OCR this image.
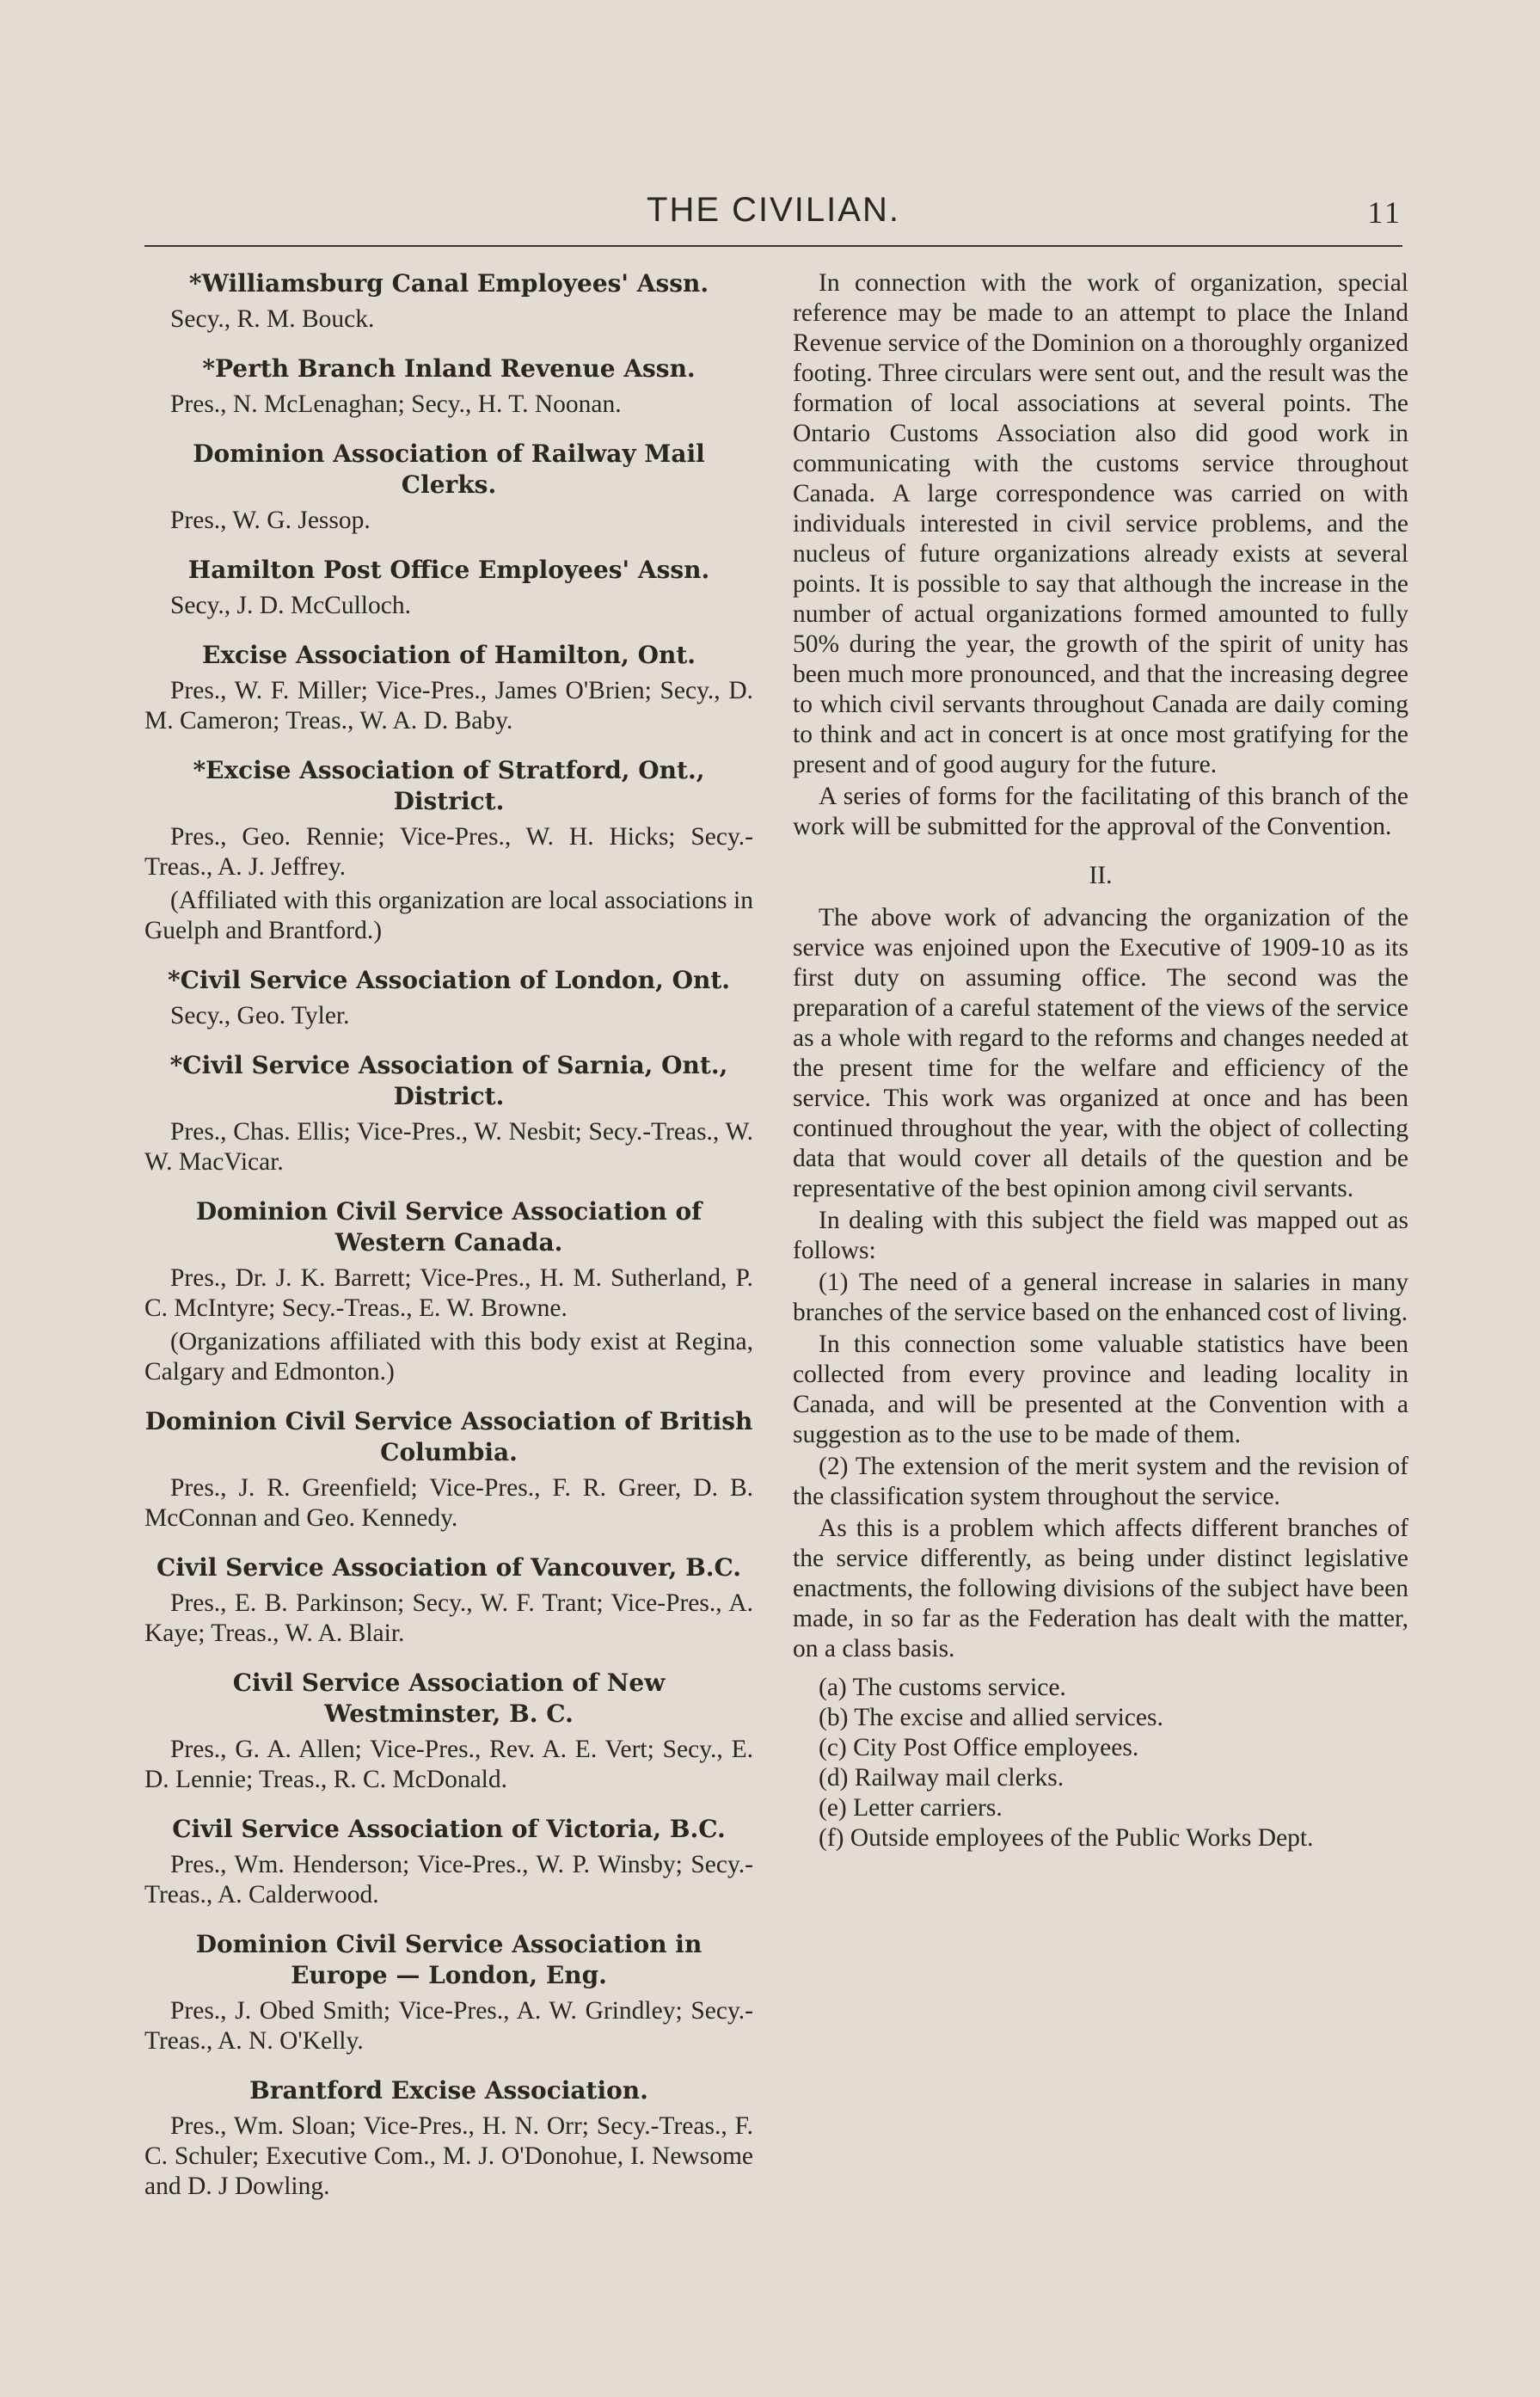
THE CIVILIAN.	11
*Williamsburg Canal Employees' Assn.

Secy., R. M. Bouck.

*Perth Branch Inland Revenue Assn.

Pres., N. McLenaghan; Secy., H. T. Noonan.

Dominion Association of Railway Mail Clerks.

Pres., W. G. Jessop.

Hamilton Post Office Employees' Assn.

Secy., J. D. McCulloch.

Excise Association of Hamilton, Ont.

Pres., W. F. Miller; Vice-Pres., James O'Brien; Secy., D. M. Cameron; Treas., W. A. D. Baby.

*Excise Association of Stratford, Ont., District.

Pres., Geo. Rennie; Vice-Pres., W. H. Hicks; Secy.-Treas., A. J. Jeffrey.

(Affiliated with this organization are local associations in Guelph and Brantford.)

*Civil Service Association of London, Ont.

Secy., Geo. Tyler.

*Civil Service Association of Sarnia, Ont., District.

Pres., Chas. Ellis; Vice-Pres., W. Nesbit; Secy.-Treas., W. W. MacVicar.

Dominion Civil Service Association of Western Canada.

Pres., Dr. J. K. Barrett; Vice-Pres., H. M. Sutherland, P. C. McIntyre; Secy.-Treas., E. W. Browne.

(Organizations affiliated with this body exist at Regina, Calgary and Edmonton.)

Dominion Civil Service Association of British Columbia.

Pres., J. R. Greenfield; Vice-Pres., F. R. Greer, D. B. McConnan and Geo. Kennedy.

Civil Service Association of Vancouver, B.C.

Pres., E. B. Parkinson; Secy., W. F. Trant; Vice-Pres., A. Kaye; Treas., W. A. Blair.

Civil Service Association of New Westminster, B. C.

Pres., G. A. Allen; Vice-Pres., Rev. A. E. Vert; Secy., E. D. Lennie; Treas., R. C. McDonald.

Civil Service Association of Victoria, B.C.

Pres., Wm. Henderson; Vice-Pres., W. P. Winsby; Secy.-Treas., A. Calderwood.

Dominion Civil Service Association in Europe — London, Eng.

Pres., J. Obed Smith; Vice-Pres., A. W. Grindley; Secy.-Treas., A. N. O'Kelly.

Brantford Excise Association.

Pres., Wm. Sloan; Vice-Pres., H. N. Orr; Secy.-Treas., F. C. Schuler; Executive Com., M. J. O'Donohue, I. Newsome and D. J Dowling.

In connection with the work of organization, special reference may be made to an attempt to place the Inland Revenue service of the Dominion on a thoroughly organized footing. Three circulars were sent out, and the result was the formation of local associations at several points. The Ontario Customs Association also did good work in communicating with the customs service throughout Canada. A large correspondence was carried on with individuals interested in civil service problems, and the nucleus of future organizations already exists at several points. It is possible to say that although the increase in the number of actual organizations formed amounted to fully 50% during the year, the growth of the spirit of unity has been much more pronounced, and that the increasing degree to which civil servants throughout Canada are daily coming to think and act in concert is at once most gratifying for the present and of good augury for the future.

A series of forms for the facilitating of this branch of the work will be submitted for the approval of the Convention.

II.

The above work of advancing the organization of the service was enjoined upon the Executive of 1909-10 as its first duty on assuming office. The second was the preparation of a careful statement of the views of the service as a whole with regard to the reforms and changes needed at the present time for the welfare and efficiency of the service. This work was organized at once and has been continued throughout the year, with the object of collecting data that would cover all details of the question and be representative of the best opinion among civil servants.

In dealing with this subject the field was mapped out as follows:

(1) The need of a general increase in salaries in many branches of the service based on the enhanced cost of living.

In this connection some valuable statistics have been collected from every province and leading locality in Canada, and will be presented at the Convention with a suggestion as to the use to be made of them.

(2) The extension of the merit system and the revision of the classification system throughout the service.

As this is a problem which affects different branches of the service differently, as being under distinct legislative enactments, the following divisions of the subject have been made, in so far as the Federation has dealt with the matter, on a class basis.

(a) The customs service.
(b) The excise and allied services.
(c) City Post Office employees.
(d) Railway mail clerks.
(e) Letter carriers.
(f) Outside employees of the Public Works Dept.
